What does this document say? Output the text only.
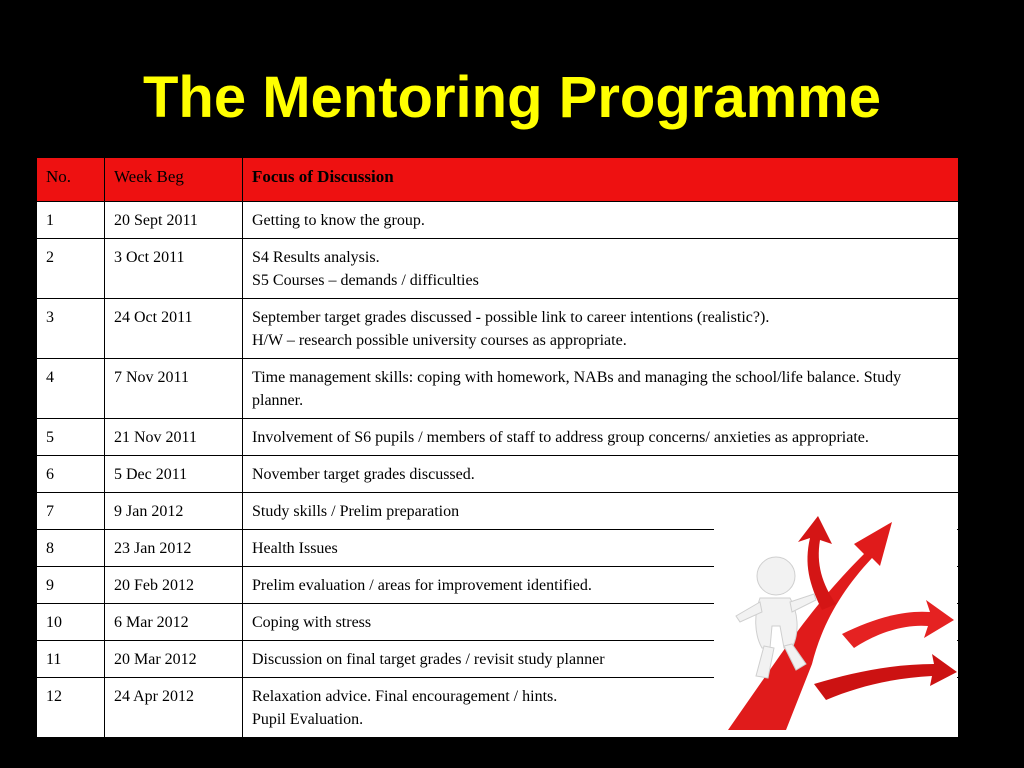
The Mentoring Programme
No.	Week Beg	Focus of Discussion
1	20 Sept 2011	Getting to know the group.

2	3 Oct 2011	S4 Results analysis.
S5 Courses – demands / difficulties

3	24 Oct 2011	September target grades discussed - possible link to career intentions (realistic?).
H/W – research possible university courses as appropriate.

4	7 Nov 2011	Time management skills: coping with homework, NABs and managing the school/life balance. Study planner.

5	21 Nov 2011	Involvement of S6 pupils / members of staff to address group concerns/ anxieties as appropriate.

6	5 Dec 2011	November target grades discussed.

7	9 Jan 2012	Study skills / Prelim preparation

8	23 Jan 2012	Health Issues

9	20 Feb 2012	Prelim evaluation / areas for improvement identified.

10	6 Mar 2012	Coping with stress

11	20 Mar 2012	Discussion on final target grades / revisit study planner

12	24 Apr 2012	Relaxation advice. Final encouragement / hints.
Pupil Evaluation.
